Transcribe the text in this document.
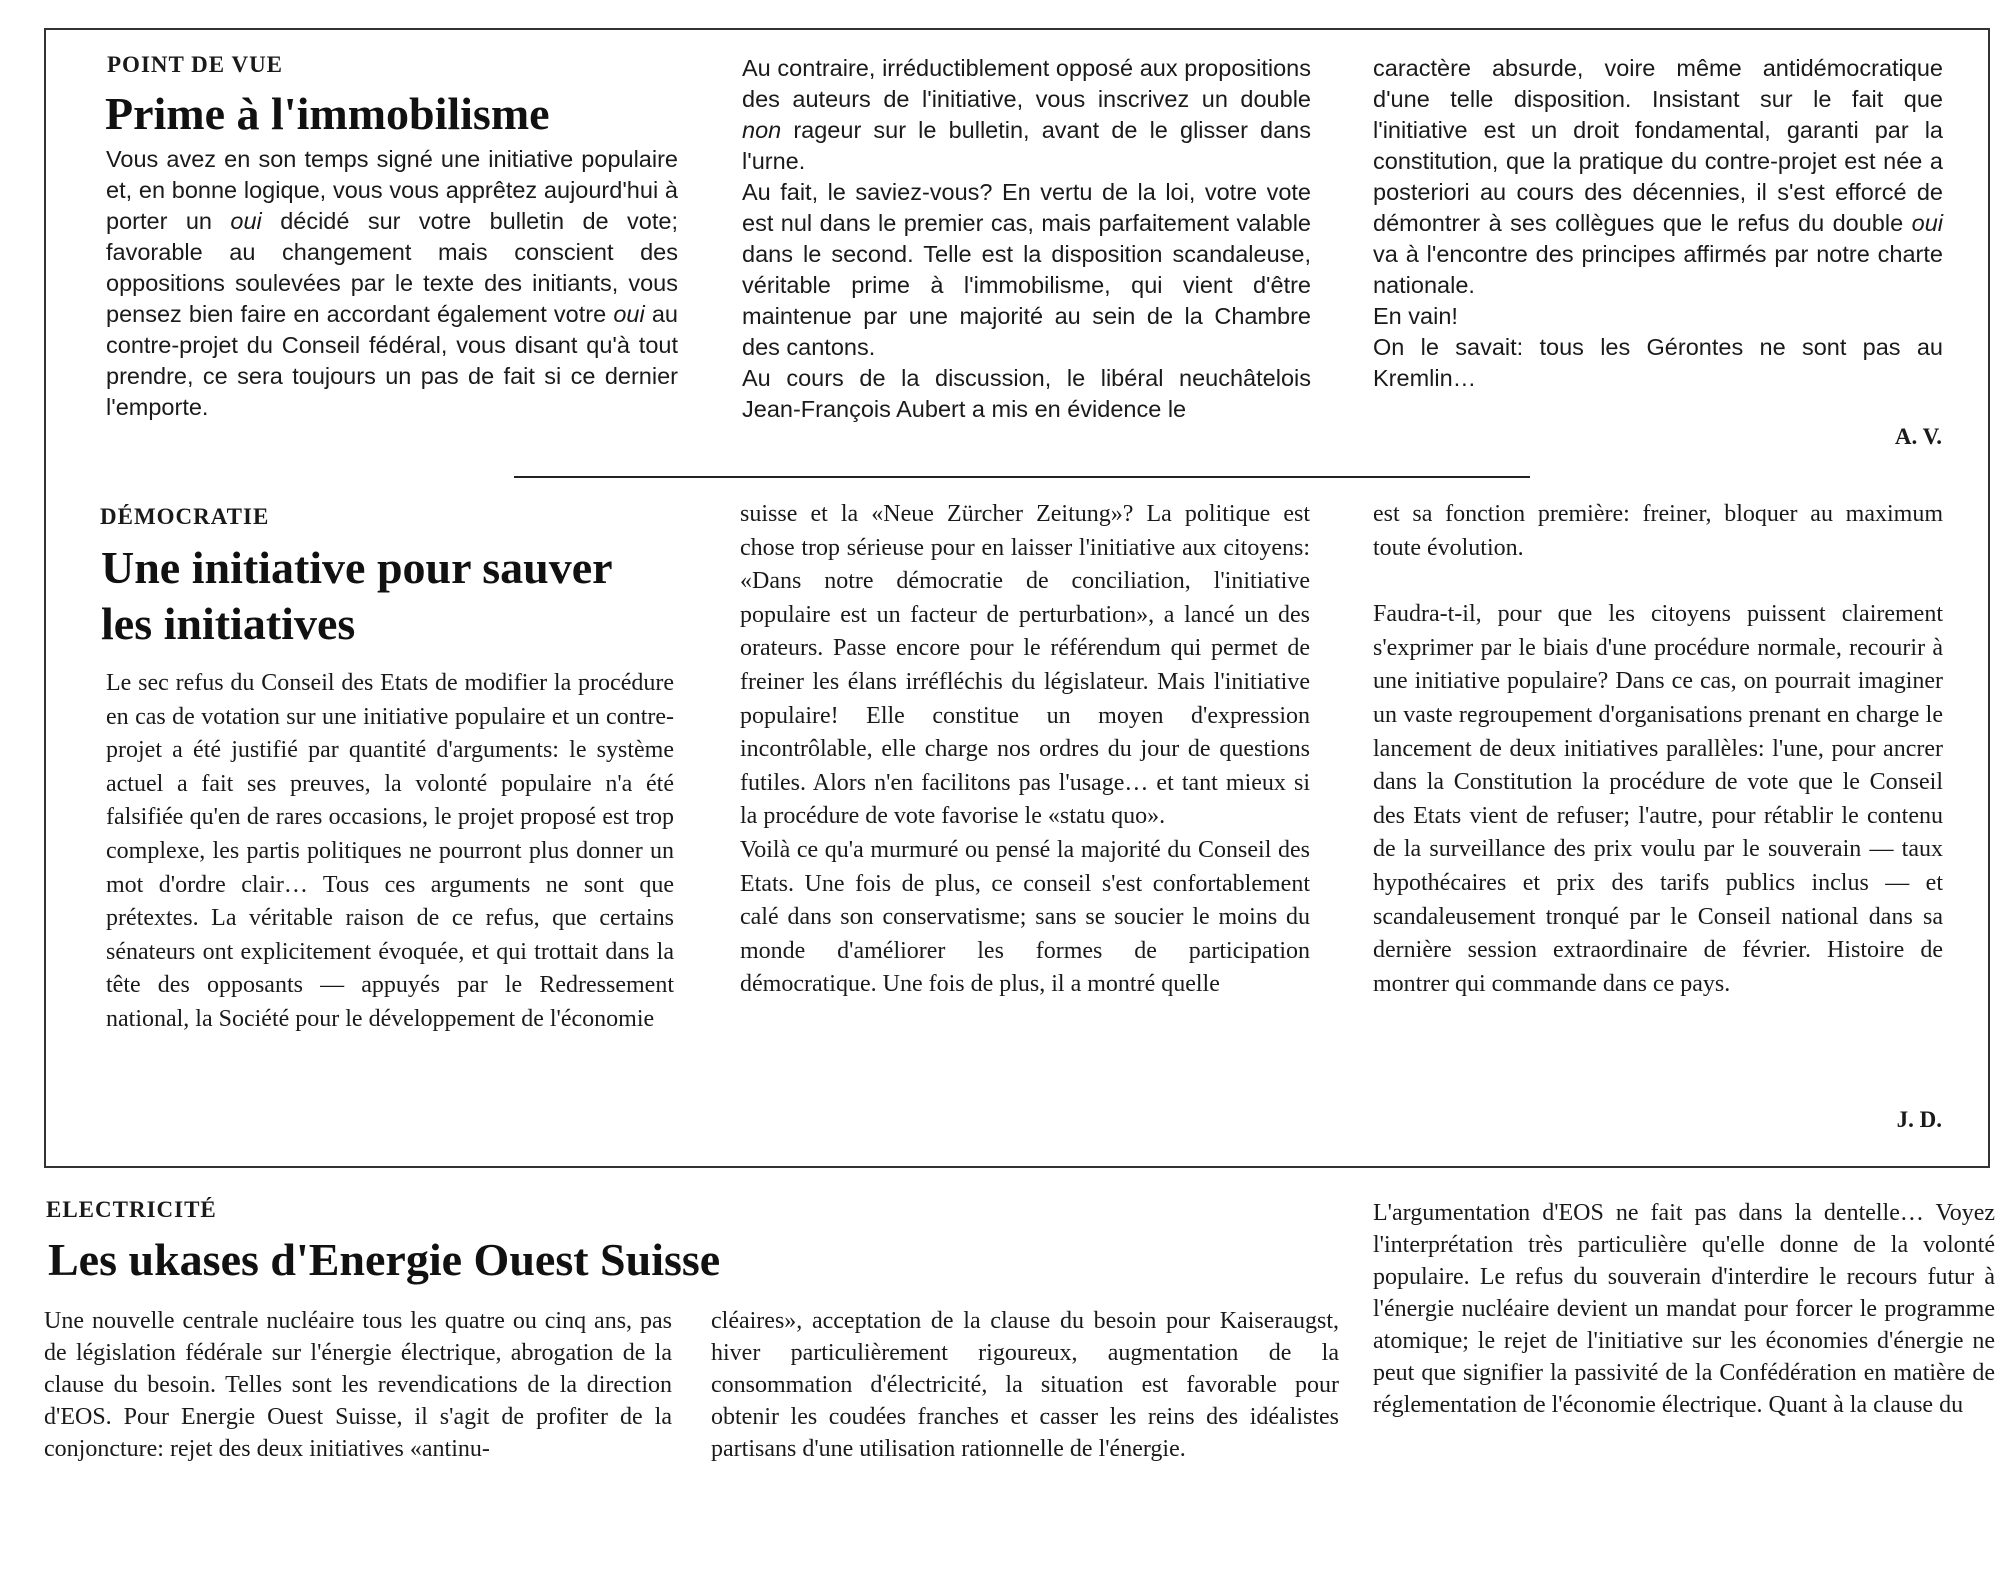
POINT DE VUE
Prime à l'immobilisme

Vous avez en son temps signé une initiative populaire et, en bonne logique, vous vous apprêtez aujourd'hui à porter un oui décidé sur votre bulletin de vote; favorable au changement mais conscient des oppositions soulevées par le texte des initiants, vous pensez bien faire en accordant également votre oui au contre-projet du Conseil fédéral, vous disant qu'à tout prendre, ce sera toujours un pas de fait si ce dernier l'emporte.

Au contraire, irréductiblement opposé aux propositions des auteurs de l'initiative, vous inscrivez un double non rageur sur le bulletin, avant de le glisser dans l'urne.

Au fait, le saviez-vous? En vertu de la loi, votre vote est nul dans le premier cas, mais parfaitement valable dans le second. Telle est la disposition scandaleuse, véritable prime à l'immobilisme, qui vient d'être maintenue par une majorité au sein de la Chambre des cantons.

Au cours de la discussion, le libéral neuchâtelois Jean-François Aubert a mis en évidence le

caractère absurde, voire même antidémocratique d'une telle disposition. Insistant sur le fait que l'initiative est un droit fondamental, garanti par la constitution, que la pratique du contre-projet est née a posteriori au cours des décennies, il s'est efforcé de démontrer à ses collègues que le refus du double oui va à l'encontre des principes affirmés par notre charte nationale.

En vain!

On le savait: tous les Gérontes ne sont pas au Kremlin…

A. V.
DÉMOCRATIE
Une initiative pour sauver
les initiatives

Le sec refus du Conseil des Etats de modifier la procédure en cas de votation sur une initiative populaire et un contre-projet a été justifié par quantité d'arguments: le système actuel a fait ses preuves, la volonté populaire n'a été falsifiée qu'en de rares occasions, le projet proposé est trop complexe, les partis politiques ne pourront plus donner un mot d'ordre clair… Tous ces arguments ne sont que prétextes. La véritable raison de ce refus, que certains sénateurs ont explicitement évoquée, et qui trottait dans la tête des opposants — appuyés par le Redressement national, la Société pour le développement de l'économie

suisse et la «Neue Zürcher Zeitung»? La politique est chose trop sérieuse pour en laisser l'initiative aux citoyens: «Dans notre démocratie de conciliation, l'initiative populaire est un facteur de perturbation», a lancé un des orateurs. Passe encore pour le référendum qui permet de freiner les élans irréfléchis du législateur. Mais l'initiative populaire! Elle constitue un moyen d'expression incontrôlable, elle charge nos ordres du jour de questions futiles. Alors n'en facilitons pas l'usage… et tant mieux si la procédure de vote favorise le «statu quo».

Voilà ce qu'a murmuré ou pensé la majorité du Conseil des Etats. Une fois de plus, ce conseil s'est confortablement calé dans son conservatisme; sans se soucier le moins du monde d'améliorer les formes de participation démocratique. Une fois de plus, il a montré quelle

est sa fonction première: freiner, bloquer au maximum toute évolution.

Faudra-t-il, pour que les citoyens puissent clairement s'exprimer par le biais d'une procédure normale, recourir à une initiative populaire? Dans ce cas, on pourrait imaginer un vaste regroupement d'organisations prenant en charge le lancement de deux initiatives parallèles: l'une, pour ancrer dans la Constitution la procédure de vote que le Conseil des Etats vient de refuser; l'autre, pour rétablir le contenu de la surveillance des prix voulu par le souverain — taux hypothécaires et prix des tarifs publics inclus — et scandaleusement tronqué par le Conseil national dans sa dernière session extraordinaire de février. Histoire de montrer qui commande dans ce pays.

J. D.
ELECTRICITÉ
Les ukases d'Energie Ouest Suisse

Une nouvelle centrale nucléaire tous les quatre ou cinq ans, pas de législation fédérale sur l'énergie électrique, abrogation de la clause du besoin. Telles sont les revendications de la direction d'EOS. Pour Energie Ouest Suisse, il s'agit de profiter de la conjoncture: rejet des deux initiatives «antinu-

cléaires», acceptation de la clause du besoin pour Kaiseraugst, hiver particulièrement rigoureux, augmentation de la consommation d'électricité, la situation est favorable pour obtenir les coudées franches et casser les reins des idéalistes partisans d'une utilisation rationnelle de l'énergie.

L'argumentation d'EOS ne fait pas dans la dentelle… Voyez l'interprétation très particulière qu'elle donne de la volonté populaire. Le refus du souverain d'interdire le recours futur à l'énergie nucléaire devient un mandat pour forcer le programme atomique; le rejet de l'initiative sur les économies d'énergie ne peut que signifier la passivité de la Confédération en matière de réglementation de l'économie électrique. Quant à la clause du
